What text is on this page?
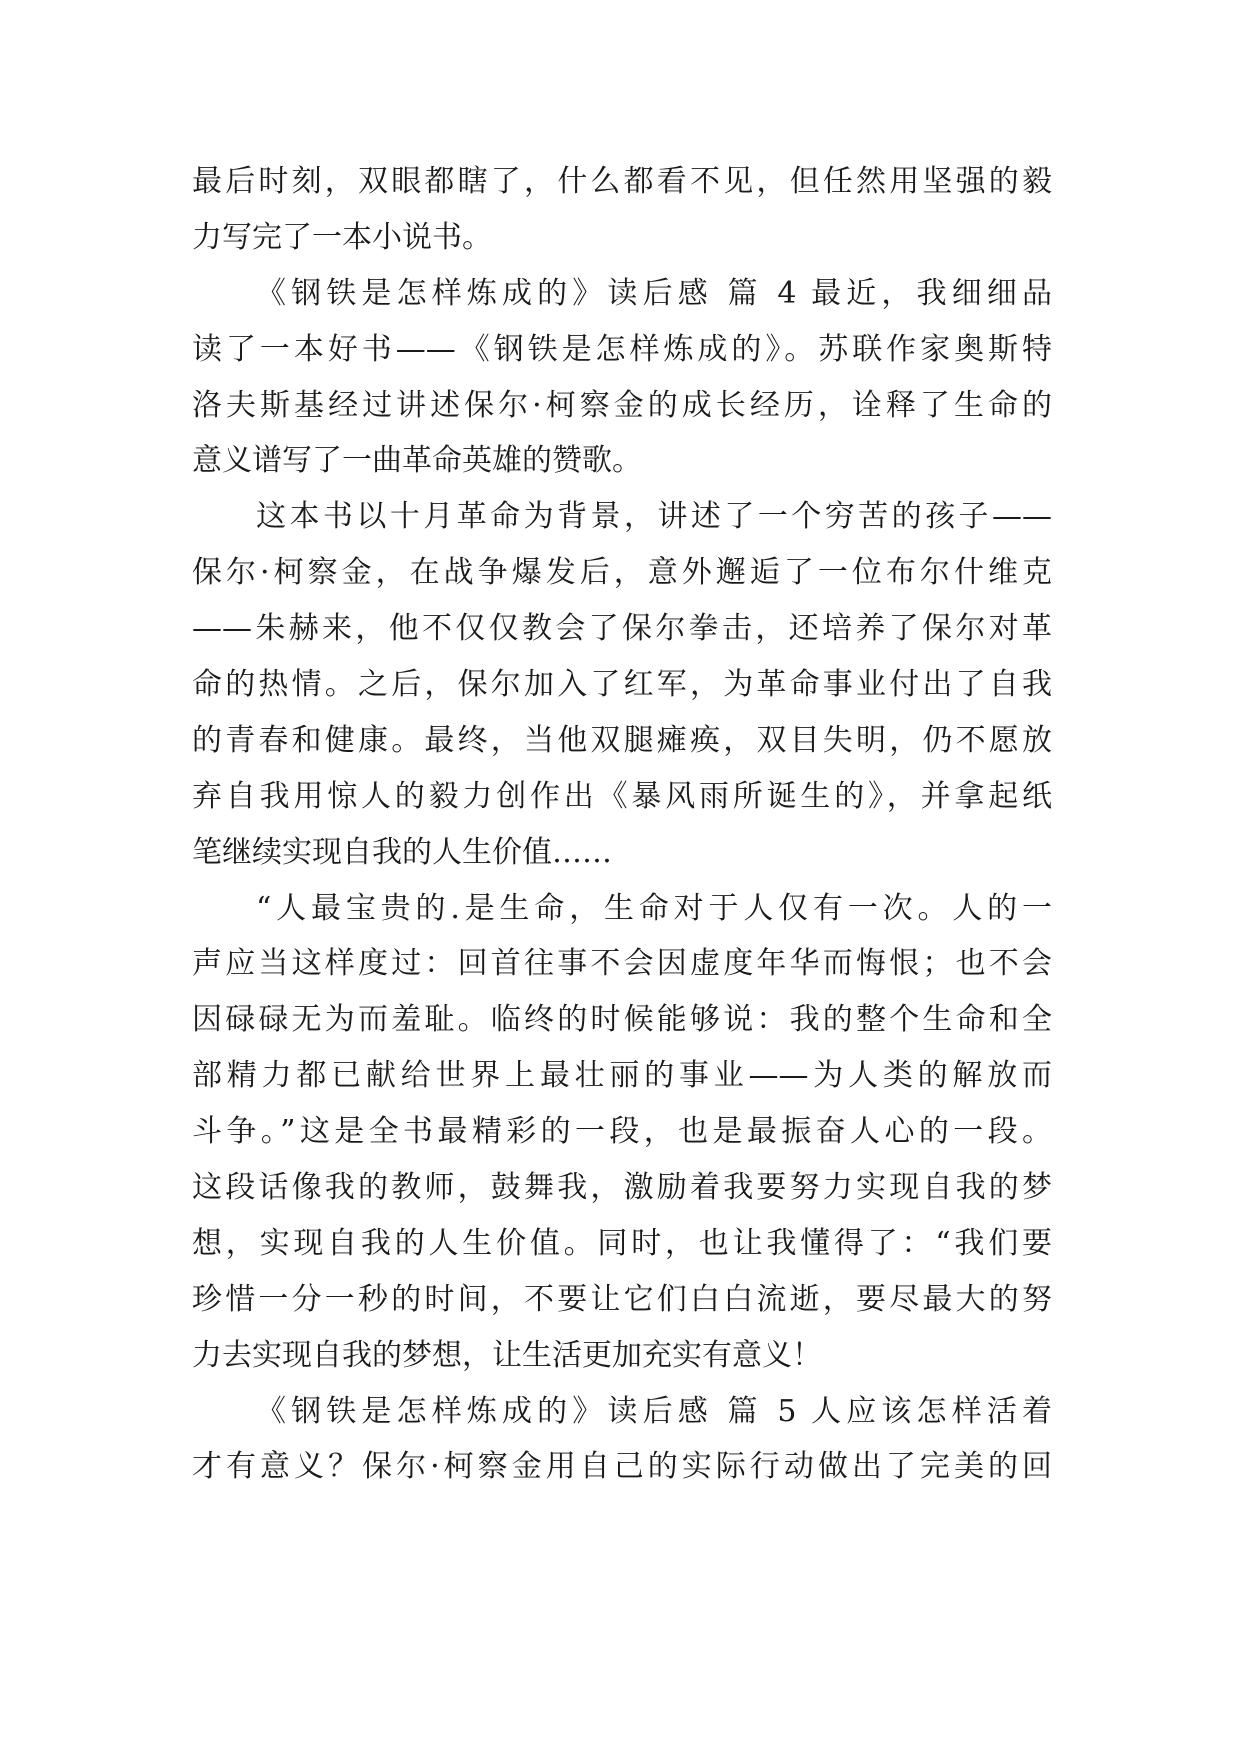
最后时刻，双眼都瞎了，什么都看不见，但任然用坚强的毅
力写完了一本小说书。
《钢铁是怎样炼成的》读后感 篇 4 最近，我细细品
读了一本好书——《钢铁是怎样炼成的》。苏联作家奥斯特
洛夫斯基经过讲述保尔·柯察金的成长经历，诠释了生命的
意义谱写了一曲革命英雄的赞歌。
这本书以十月革命为背景，讲述了一个穷苦的孩子——
保尔·柯察金，在战争爆发后，意外邂逅了一位布尔什维克
——朱赫来，他不仅仅教会了保尔拳击，还培养了保尔对革
命的热情。之后，保尔加入了红军，为革命事业付出了自我
的青春和健康。最终，当他双腿瘫痪，双目失明，仍不愿放
弃自我用惊人的毅力创作出《暴风雨所诞生的》，并拿起纸
笔继续实现自我的人生价值……
“人最宝贵的.是生命，生命对于人仅有一次。人的一
声应当这样度过：回首往事不会因虚度年华而悔恨；也不会
因碌碌无为而羞耻。临终的时候能够说：我的整个生命和全
部精力都已献给世界上最壮丽的事业——为人类的解放而
斗争。”这是全书最精彩的一段，也是最振奋人心的一段。
这段话像我的教师，鼓舞我，激励着我要努力实现自我的梦
想，实现自我的人生价值。同时，也让我懂得了：“我们要
珍惜一分一秒的时间，不要让它们白白流逝，要尽最大的努
力去实现自我的梦想，让生活更加充实有意义！
《钢铁是怎样炼成的》读后感 篇 5 人应该怎样活着
才有意义？保尔·柯察金用自己的实际行动做出了完美的回
